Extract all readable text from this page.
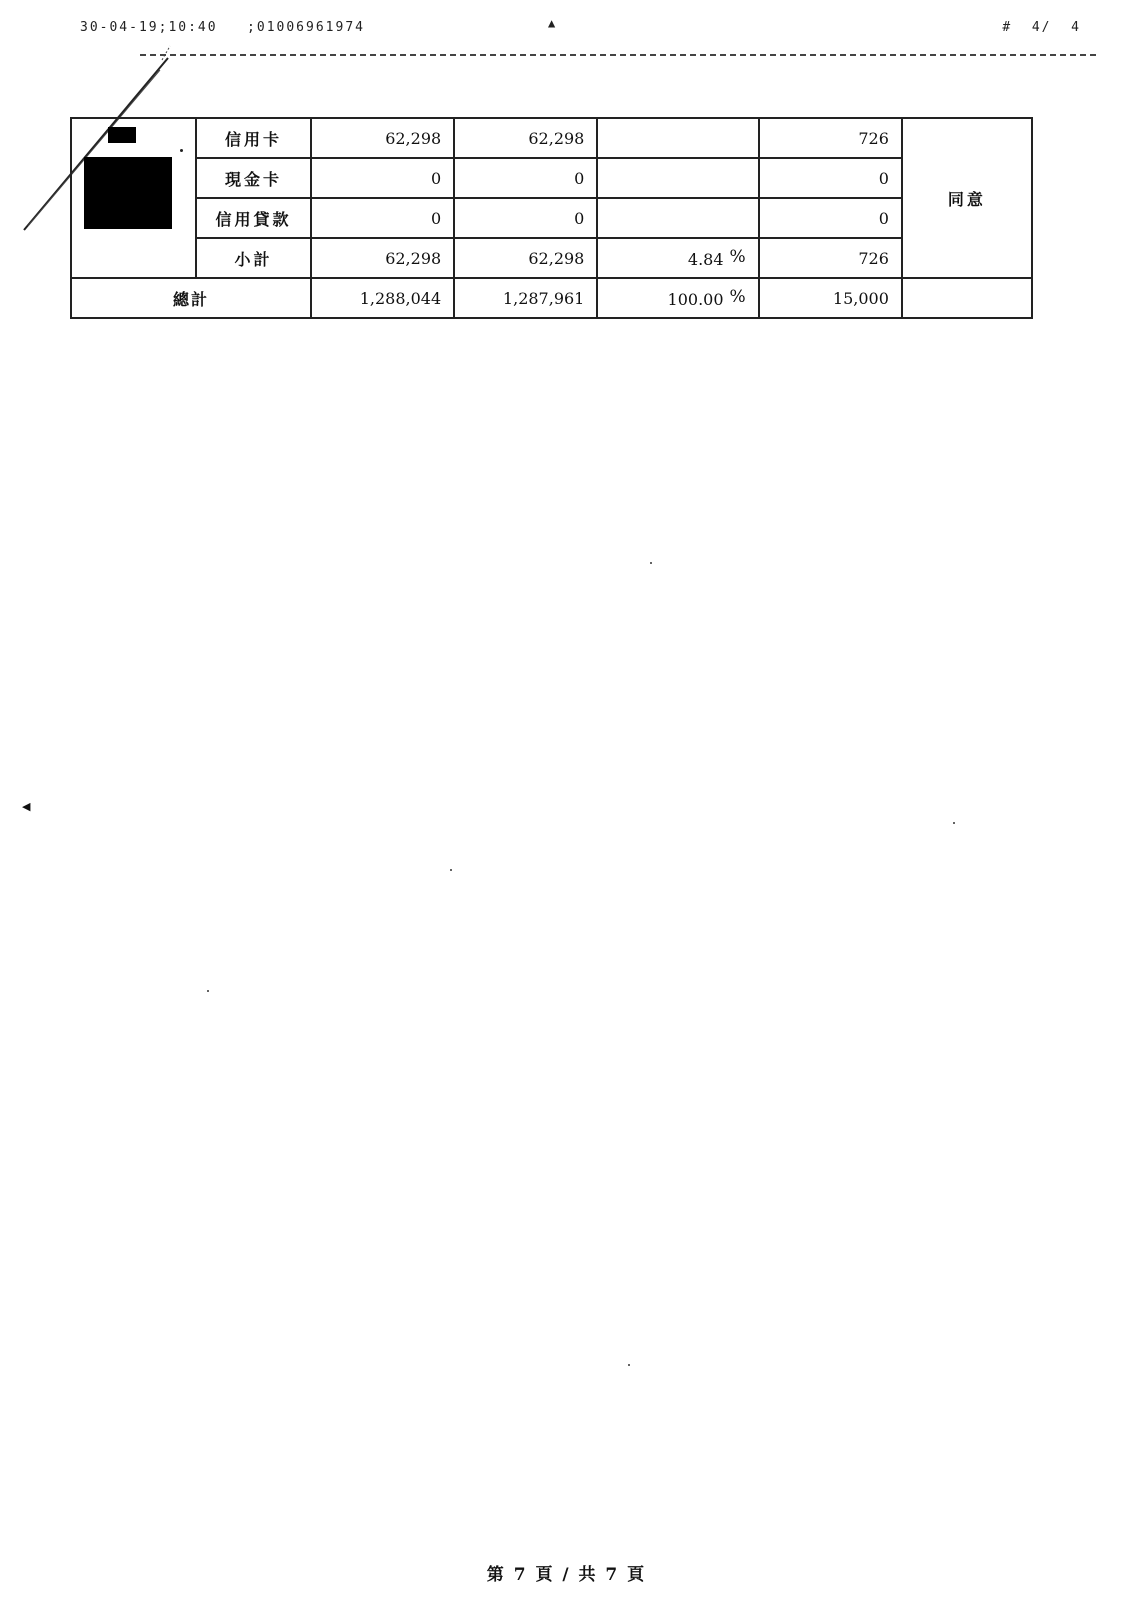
30-04-19;10:40   ;01006961974	▲	#  4/  4
	信用卡	62,298	62,298		726	同意
	現金卡	0	0		0	
	信用貸款	0	0		0	
	小計	62,298	62,298	4.84 %	726	
總計		1,288,044	1,287,961	100.00 %	15,000	
◀
第 7 頁 / 共 7 頁
